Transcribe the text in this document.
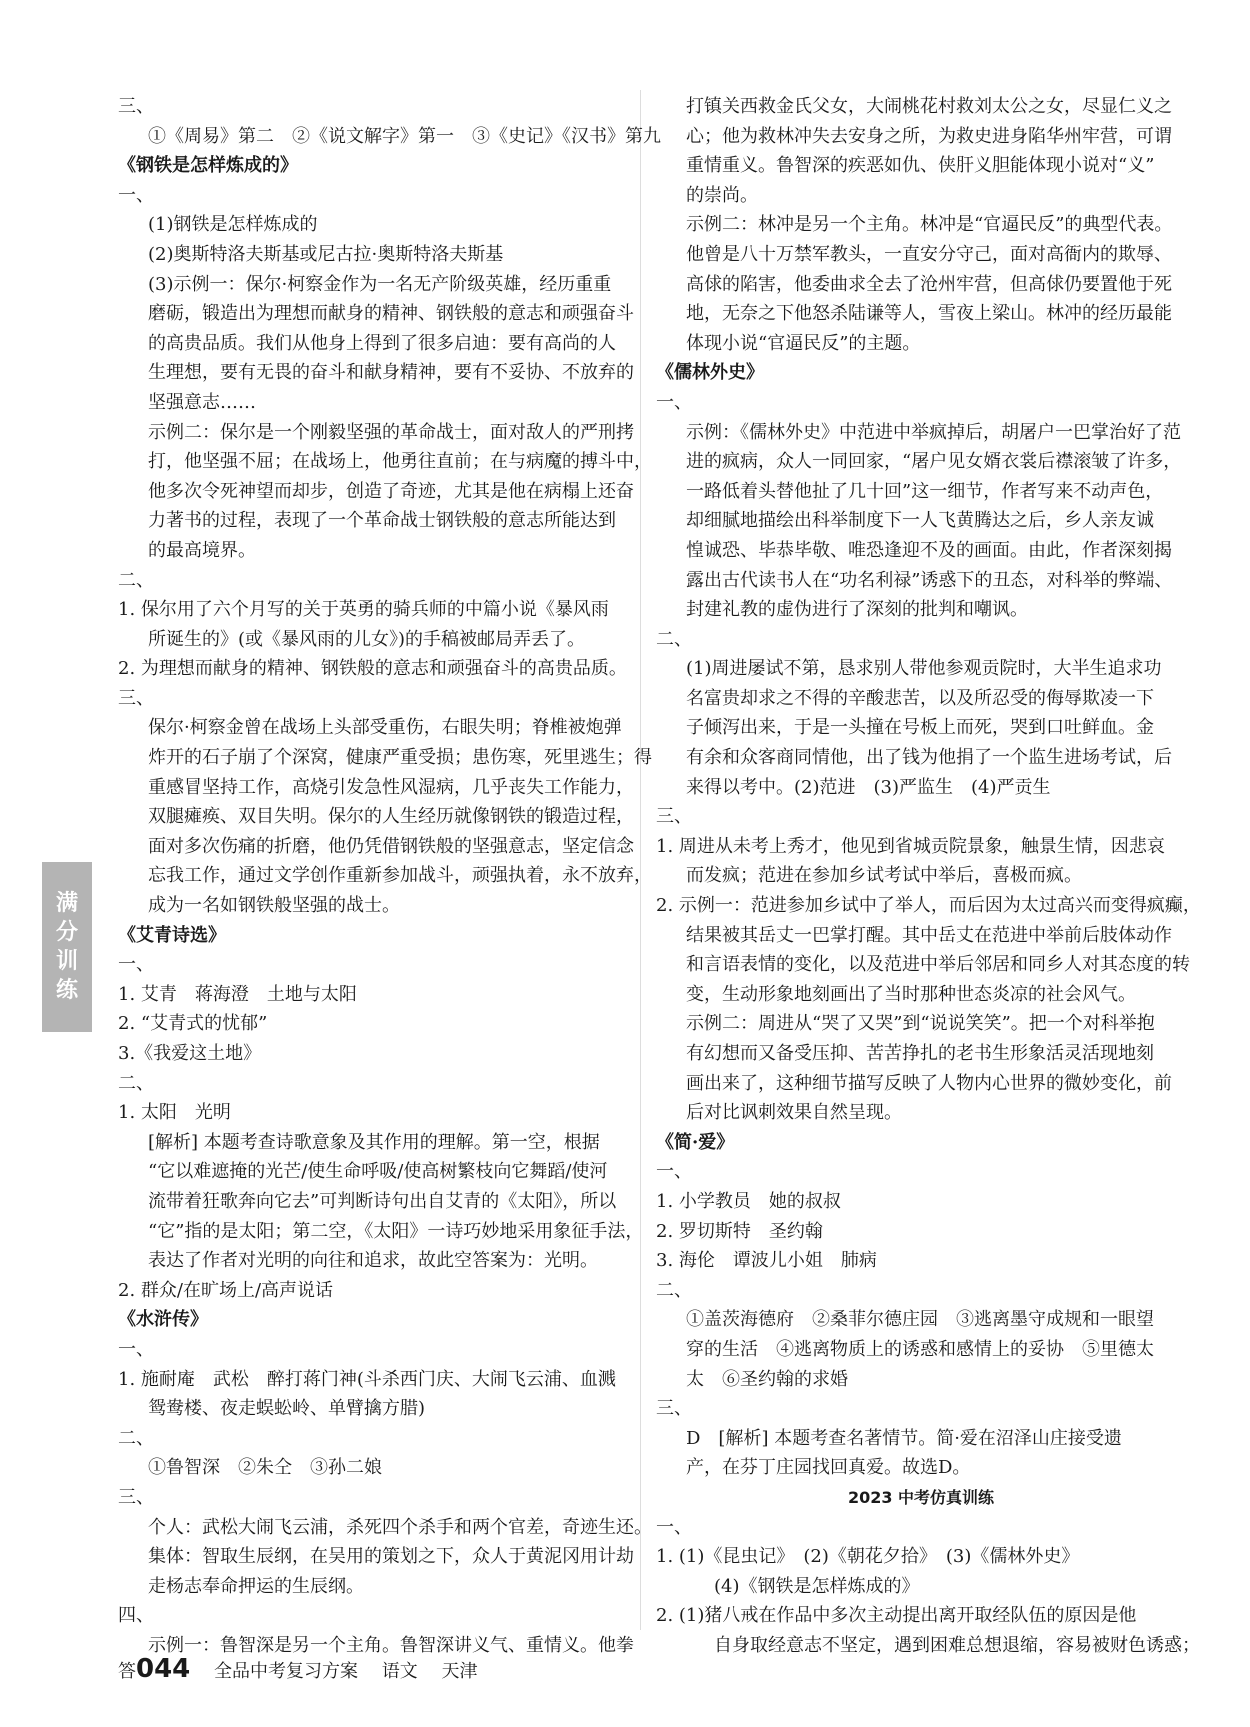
三、
①《周易》第二　②《说文解字》第一　③《史记》《汉书》第九
《钢铁是怎样炼成的》
一、
(1)钢铁是怎样炼成的
(2)奥斯特洛夫斯基或尼古拉·奥斯特洛夫斯基
(3)示例一：保尔·柯察金作为一名无产阶级英雄，经历重重
磨砺，锻造出为理想而献身的精神、钢铁般的意志和顽强奋斗
的高贵品质。我们从他身上得到了很多启迪：要有高尚的人
生理想，要有无畏的奋斗和献身精神，要有不妥协、不放弃的
坚强意志……
示例二：保尔是一个刚毅坚强的革命战士，面对敌人的严刑拷
打，他坚强不屈；在战场上，他勇往直前；在与病魔的搏斗中，
他多次令死神望而却步，创造了奇迹，尤其是他在病榻上还奋
力著书的过程，表现了一个革命战士钢铁般的意志所能达到
的最高境界。
二、
1. 保尔用了六个月写的关于英勇的骑兵师的中篇小说《暴风雨
所诞生的》(或《暴风雨的儿女》)的手稿被邮局弄丢了。
2. 为理想而献身的精神、钢铁般的意志和顽强奋斗的高贵品质。
三、
保尔·柯察金曾在战场上头部受重伤，右眼失明；脊椎被炮弹
炸开的石子崩了个深窝，健康严重受损；患伤寒，死里逃生；得
重感冒坚持工作，高烧引发急性风湿病，几乎丧失工作能力，
双腿瘫痪、双目失明。保尔的人生经历就像钢铁的锻造过程，
面对多次伤痛的折磨，他仍凭借钢铁般的坚强意志，坚定信念
忘我工作，通过文学创作重新参加战斗，顽强执着，永不放弃，
成为一名如钢铁般坚强的战士。
《艾青诗选》
一、
1. 艾青　蒋海澄　土地与太阳
2. “艾青式的忧郁”
3.《我爱这土地》
二、
1. 太阳　光明
[解析] 本题考查诗歌意象及其作用的理解。第一空，根据
“它以难遮掩的光芒/使生命呼吸/使高树繁枝向它舞蹈/使河
流带着狂歌奔向它去”可判断诗句出自艾青的《太阳》，所以
“它”指的是太阳；第二空，《太阳》一诗巧妙地采用象征手法，
表达了作者对光明的向往和追求，故此空答案为：光明。
2. 群众/在旷场上/高声说话
《水浒传》
一、
1. 施耐庵　武松　醉打蒋门神(斗杀西门庆、大闹飞云浦、血溅
鸳鸯楼、夜走蜈蚣岭、单臂擒方腊)
二、
①鲁智深　②朱仝　③孙二娘
三、
个人：武松大闹飞云浦，杀死四个杀手和两个官差，奇迹生还。
集体：智取生辰纲，在吴用的策划之下，众人于黄泥冈用计劫
走杨志奉命押运的生辰纲。
四、
示例一：鲁智深是另一个主角。鲁智深讲义气、重情义。他拳
打镇关西救金氏父女，大闹桃花村救刘太公之女，尽显仁义之
心；他为救林冲失去安身之所，为救史进身陷华州牢营，可谓
重情重义。鲁智深的疾恶如仇、侠肝义胆能体现小说对“义”
的崇尚。
示例二：林冲是另一个主角。林冲是“官逼民反”的典型代表。
他曾是八十万禁军教头，一直安分守己，面对高衙内的欺辱、
高俅的陷害，他委曲求全去了沧州牢营，但高俅仍要置他于死
地，无奈之下他怒杀陆谦等人，雪夜上梁山。林冲的经历最能
体现小说“官逼民反”的主题。
《儒林外史》
一、
示例：《儒林外史》中范进中举疯掉后，胡屠户一巴掌治好了范
进的疯病，众人一同回家，“屠户见女婿衣裳后襟滚皱了许多，
一路低着头替他扯了几十回”这一细节，作者写来不动声色，
却细腻地描绘出科举制度下一人飞黄腾达之后，乡人亲友诚
惶诚恐、毕恭毕敬、唯恐逢迎不及的画面。由此，作者深刻揭
露出古代读书人在“功名利禄”诱惑下的丑态，对科举的弊端、
封建礼教的虚伪进行了深刻的批判和嘲讽。
二、
(1)周进屡试不第，恳求别人带他参观贡院时，大半生追求功
名富贵却求之不得的辛酸悲苦，以及所忍受的侮辱欺凌一下
子倾泻出来，于是一头撞在号板上而死，哭到口吐鲜血。金
有余和众客商同情他，出了钱为他捐了一个监生进场考试，后
来得以考中。(2)范进　(3)严监生　(4)严贡生
三、
1. 周进从未考上秀才，他见到省城贡院景象，触景生情，因悲哀
而发疯；范进在参加乡试考试中举后，喜极而疯。
2. 示例一：范进参加乡试中了举人，而后因为太过高兴而变得疯癫，
结果被其岳丈一巴掌打醒。其中岳丈在范进中举前后肢体动作
和言语表情的变化，以及范进中举后邻居和同乡人对其态度的转
变，生动形象地刻画出了当时那种世态炎凉的社会风气。
示例二：周进从“哭了又哭”到“说说笑笑”。把一个对科举抱
有幻想而又备受压抑、苦苦挣扎的老书生形象活灵活现地刻
画出来了，这种细节描写反映了人物内心世界的微妙变化，前
后对比讽刺效果自然呈现。
《简·爱》
一、
1. 小学教员　她的叔叔
2. 罗切斯特　圣约翰
3. 海伦　谭波儿小姐　肺病
二、
①盖茨海德府　②桑菲尔德庄园　③逃离墨守成规和一眼望
穿的生活　④逃离物质上的诱惑和感情上的妥协　⑤里德太
太　⑥圣约翰的求婚
三、
D　[解析] 本题考查名著情节。简·爱在沼泽山庄接受遗
产，在芬丁庄园找回真爱。故选D。
2023 中考仿真训练
一、
1. (1)《昆虫记》　(2)《朝花夕拾》　(3)《儒林外史》
(4)《钢铁是怎样炼成的》
2. (1)猪八戒在作品中多次主动提出离开取经队伍的原因是他
自身取经意志不坚定，遇到困难总想退缩，容易被财色诱惑；
满
分
训
练
答044 全品中考复习方案 语文 天津
